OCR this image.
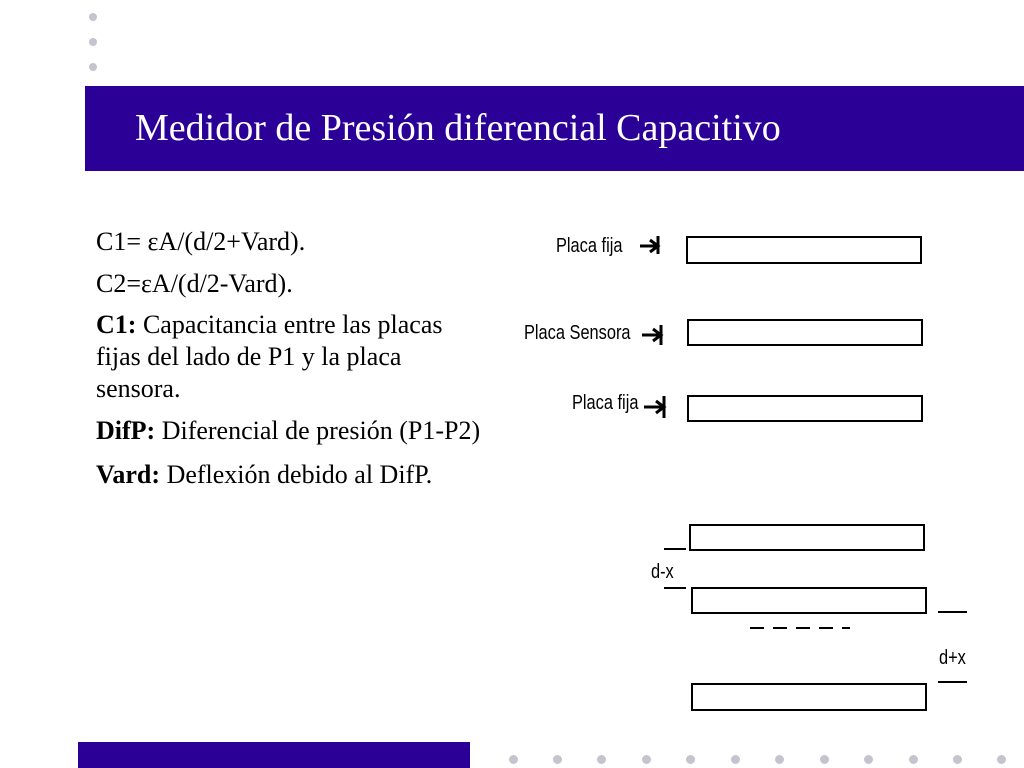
Medidor de Presión diferencial Capacitivo

C1= εA/(d/2+Vard).

C2=εA/(d/2-Vard).

C1: Capacitancia entre las placas fijas del lado de P1 y la placa sensora.

DifP: Diferencial de presión (P1-P2)

Vard: Deflexión debido al DifP.

Placa fija
Placa Sensora
Placa fija
d-x
d+x
